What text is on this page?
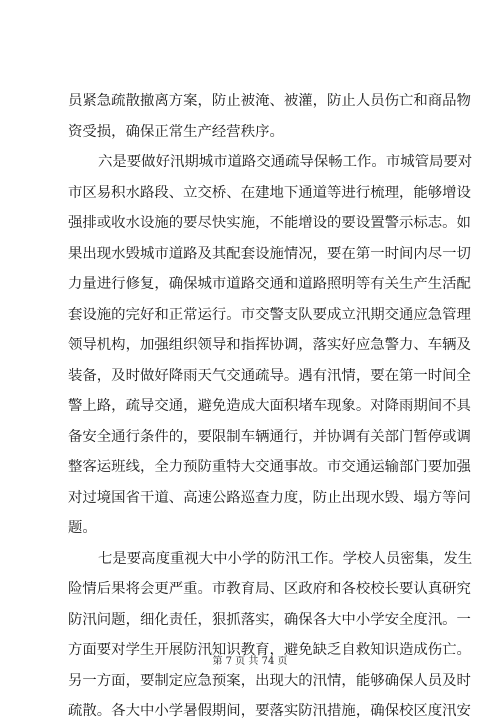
员紧急疏散撤离方案，防止被淹、被灌，防止人员伤亡和商品物
资受损，确保正常生产经营秩序。
六是要做好汛期城市道路交通疏导保畅工作。市城管局要对
市区易积水路段、立交桥、在建地下通道等进行梳理，能够增设
强排或收水设施的要尽快实施，不能增设的要设置警示标志。如
果出现水毁城市道路及其配套设施情况，要在第一时间内尽一切
力量进行修复，确保城市道路交通和道路照明等有关生产生活配
套设施的完好和正常运行。市交警支队要成立汛期交通应急管理
领导机构，加强组织领导和指挥协调，落实好应急警力、车辆及
装备，及时做好降雨天气交通疏导。遇有汛情，要在第一时间全
警上路，疏导交通，避免造成大面积堵车现象。对降雨期间不具
备安全通行条件的，要限制车辆通行，并协调有关部门暂停或调
整客运班线，全力预防重特大交通事故。市交通运输部门要加强
对过境国省干道、高速公路巡查力度，防止出现水毁、塌方等问
题。
七是要高度重视大中小学的防汛工作。学校人员密集，发生
险情后果将会更严重。市教育局、区政府和各校校长要认真研究
防汛问题，细化责任，狠抓落实，确保各大中小学安全度汛。一
方面要对学生开展防汛知识教育，避免缺乏自救知识造成伤亡。
另一方面，要制定应急预案，出现大的汛情，能够确保人员及时
疏散。各大中小学暑假期间，要落实防汛措施，确保校区度汛安
第 7 页 共 74 页
